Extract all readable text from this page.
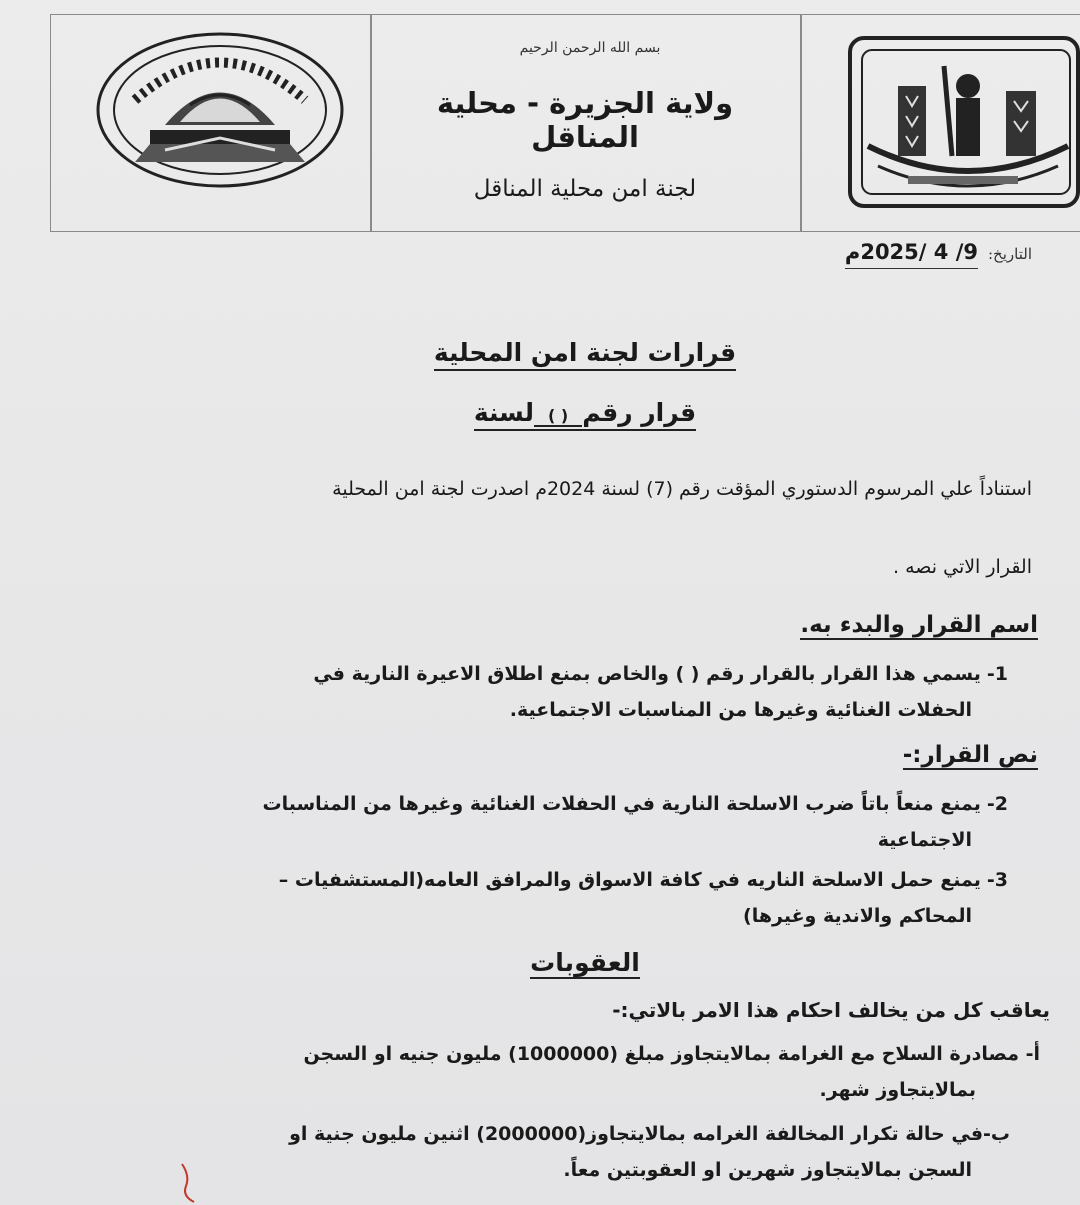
بسم الله الرحمن الرحيم
ولاية الجزيرة - محلية المناقل
لجنة امن محلية المناقل
التاريخ:
9/ 4 /2025م
قرارات لجنة امن المحلية
قرار رقم( )لسنة
استناداً علي المرسوم الدستوري المؤقت رقم (7) لسنة 2024م اصدرت لجنة امن المحلية
القرار الاتي نصه .
اسم القرار والبدء به.
1-يسمي هذا القرار بالقرار رقم ( ) والخاص بمنع اطلاق الاعيرة النارية في
الحفلات الغنائية وغيرها من المناسبات الاجتماعية.
نص القرار:-
2-يمنع منعاً باتاً ضرب الاسلحة النارية في الحفلات الغنائية وغيرها من المناسبات
الاجتماعية
3-يمنع حمل الاسلحة الناريه في كافة الاسواق والمرافق العامه(المستشفيات –
المحاكم والاندية وغيرها)
العقوبات
يعاقب كل من يخالف احكام هذا الامر بالاتي:-
أ- مصادرة السلاح مع الغرامة بمالايتجاوز مبلغ (1000000) مليون جنيه او السجن
بمالايتجاوز شهر.
ب-في حالة تكرار المخالفة الغرامه بمالايتجاوز(2000000) اثنين مليون جنية او
السجن بمالايتجاوز شهرين او العقوبتين معاً.
